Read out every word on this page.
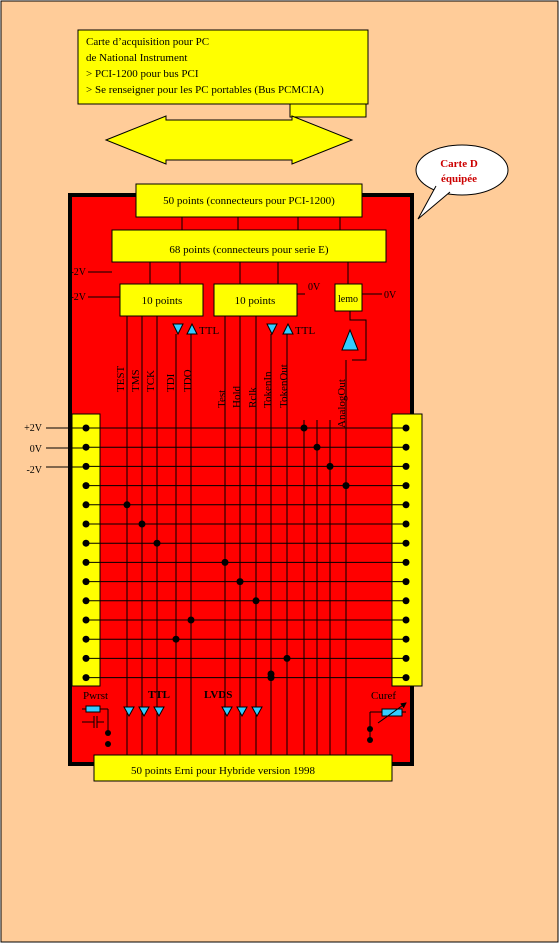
Carte d’acquisition pour PC
de National Instrument
> PCI-1200 pour bus PCI
> Se renseigner pour les PC portables (Bus PCMCIA)
Carte D
équipée
50 points (connecteurs pour PCI-1200)
68 points (connecteurs pour serie E)
10 points	10 points	lemo
-2V
-2V
0V
0V
+2V
0V
-2V
TEST TMS TCK TDI TDO
Test Hold Rclk TokenIn TokenOut	AnalogOut
TTL	TTL
Pwrst	TTL	LVDS	Curef
50 points Erni pour Hybride version 1998
